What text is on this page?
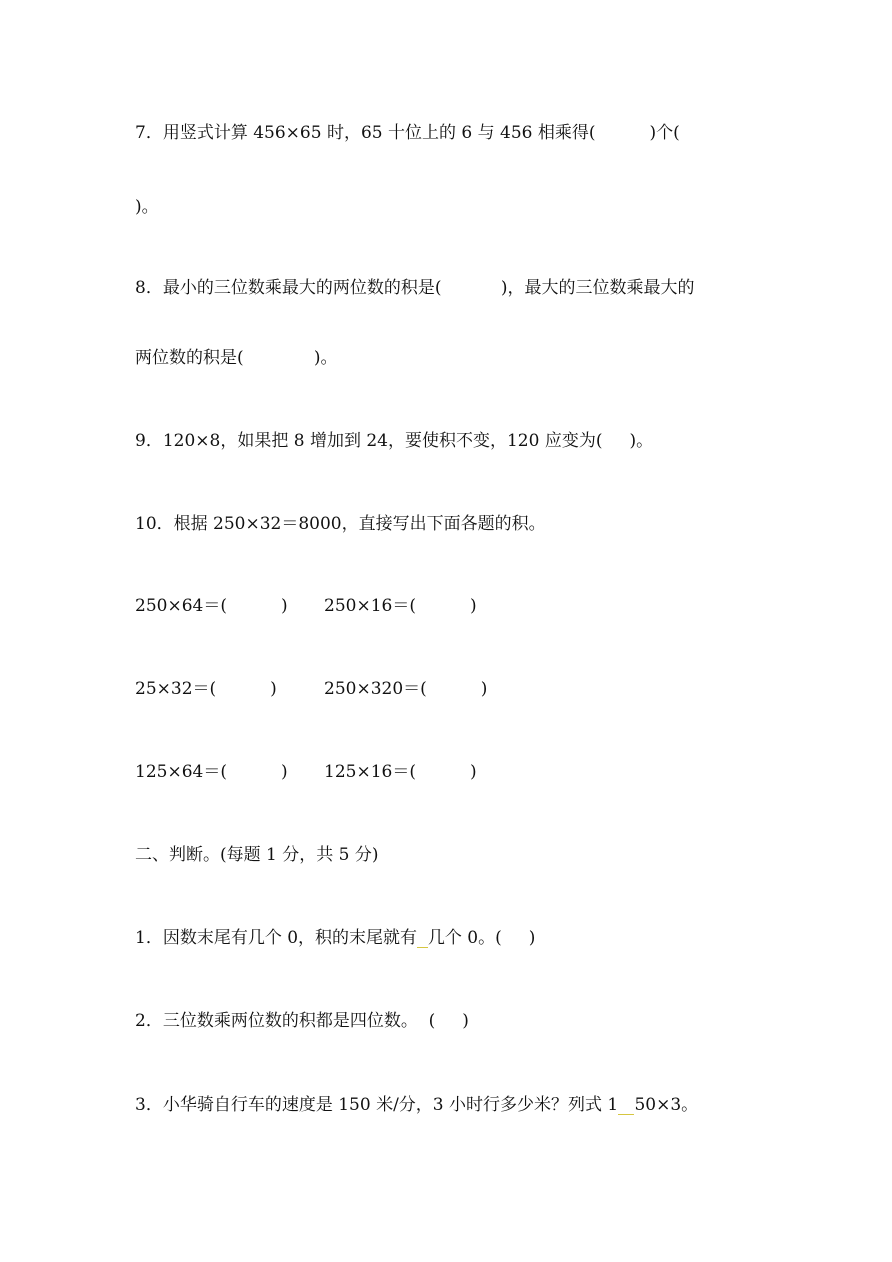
7．用竖式计算 456×65 时，65 十位上的 6 与 456 相乘得(          )个(
)。
8．最小的三位数乘最大的两位数的积是(           )，最大的三位数乘最大的
两位数的积是(             )。
9．120×8，如果把 8 增加到 24，要使积不变，120 应变为(     )。
10．根据 250×32＝8000，直接写出下面各题的积。
250×64＝(          ) 250×16＝(          )
25×32＝(          )	250×320＝(          )
125×64＝(          ) 125×16＝(          )
二、判断。(每题 1 分，共 5 分)
1．因数末尾有几个 0，积的末尾就有 几个 0。(     )
2．三位数乘两位数的积都是四位数。  (     )
3．小华骑自行车的速度是 150 米/分，3 小时行多少米？列式 1 50×3。
